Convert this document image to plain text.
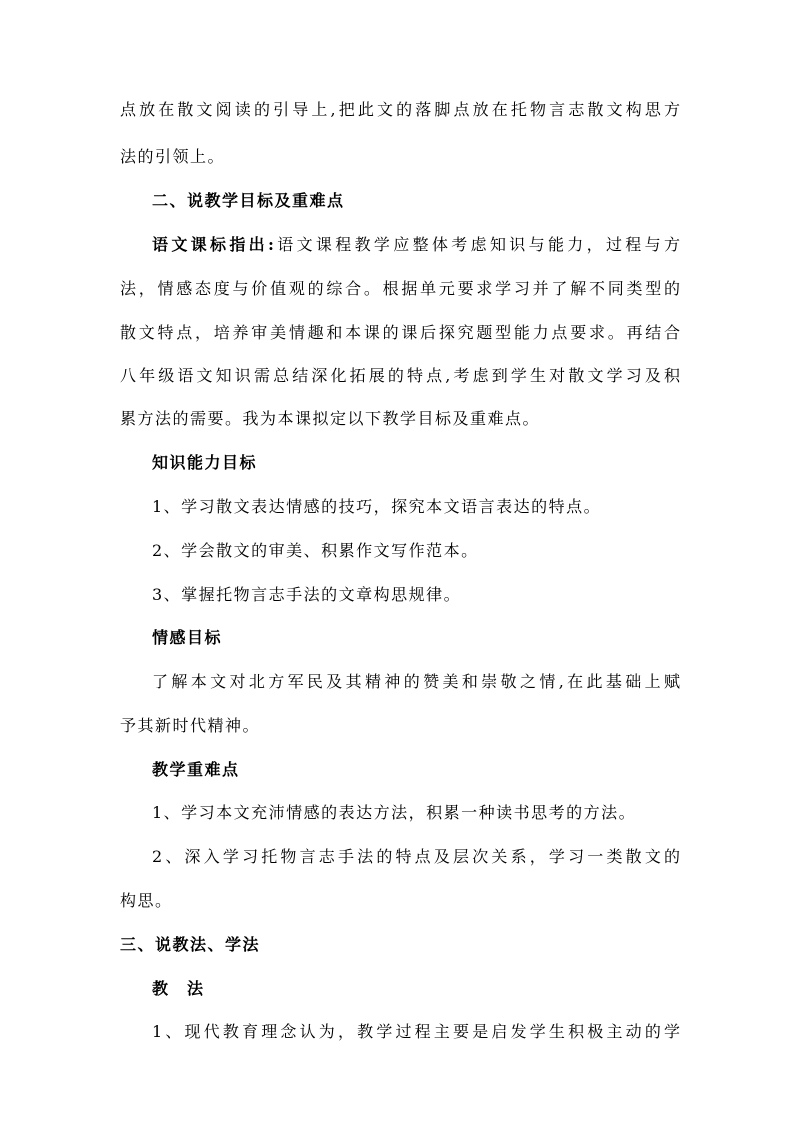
点放在散文阅读的引导上,把此文的落脚点放在托物言志散文构思方
法的引领上。
二、说教学目标及重难点
语文课标指出:语文课程教学应整体考虑知识与能力，过程与方
法，情感态度与价值观的综合。根据单元要求学习并了解不同类型的
散文特点，培养审美情趣和本课的课后探究题型能力点要求。再结合
八年级语文知识需总结深化拓展的特点,考虑到学生对散文学习及积
累方法的需要。我为本课拟定以下教学目标及重难点。
知识能力目标
1、学习散文表达情感的技巧，探究本文语言表达的特点。
2、学会散文的审美、积累作文写作范本。
3、掌握托物言志手法的文章构思规律。
情感目标
了解本文对北方军民及其精神的赞美和崇敬之情,在此基础上赋
予其新时代精神。
教学重难点
1、学习本文充沛情感的表达方法，积累一种读书思考的方法。
2、深入学习托物言志手法的特点及层次关系，学习一类散文的
构思。
三、说教法、学法
教　法
1、现代教育理念认为，教学过程主要是启发学生积极主动的学
